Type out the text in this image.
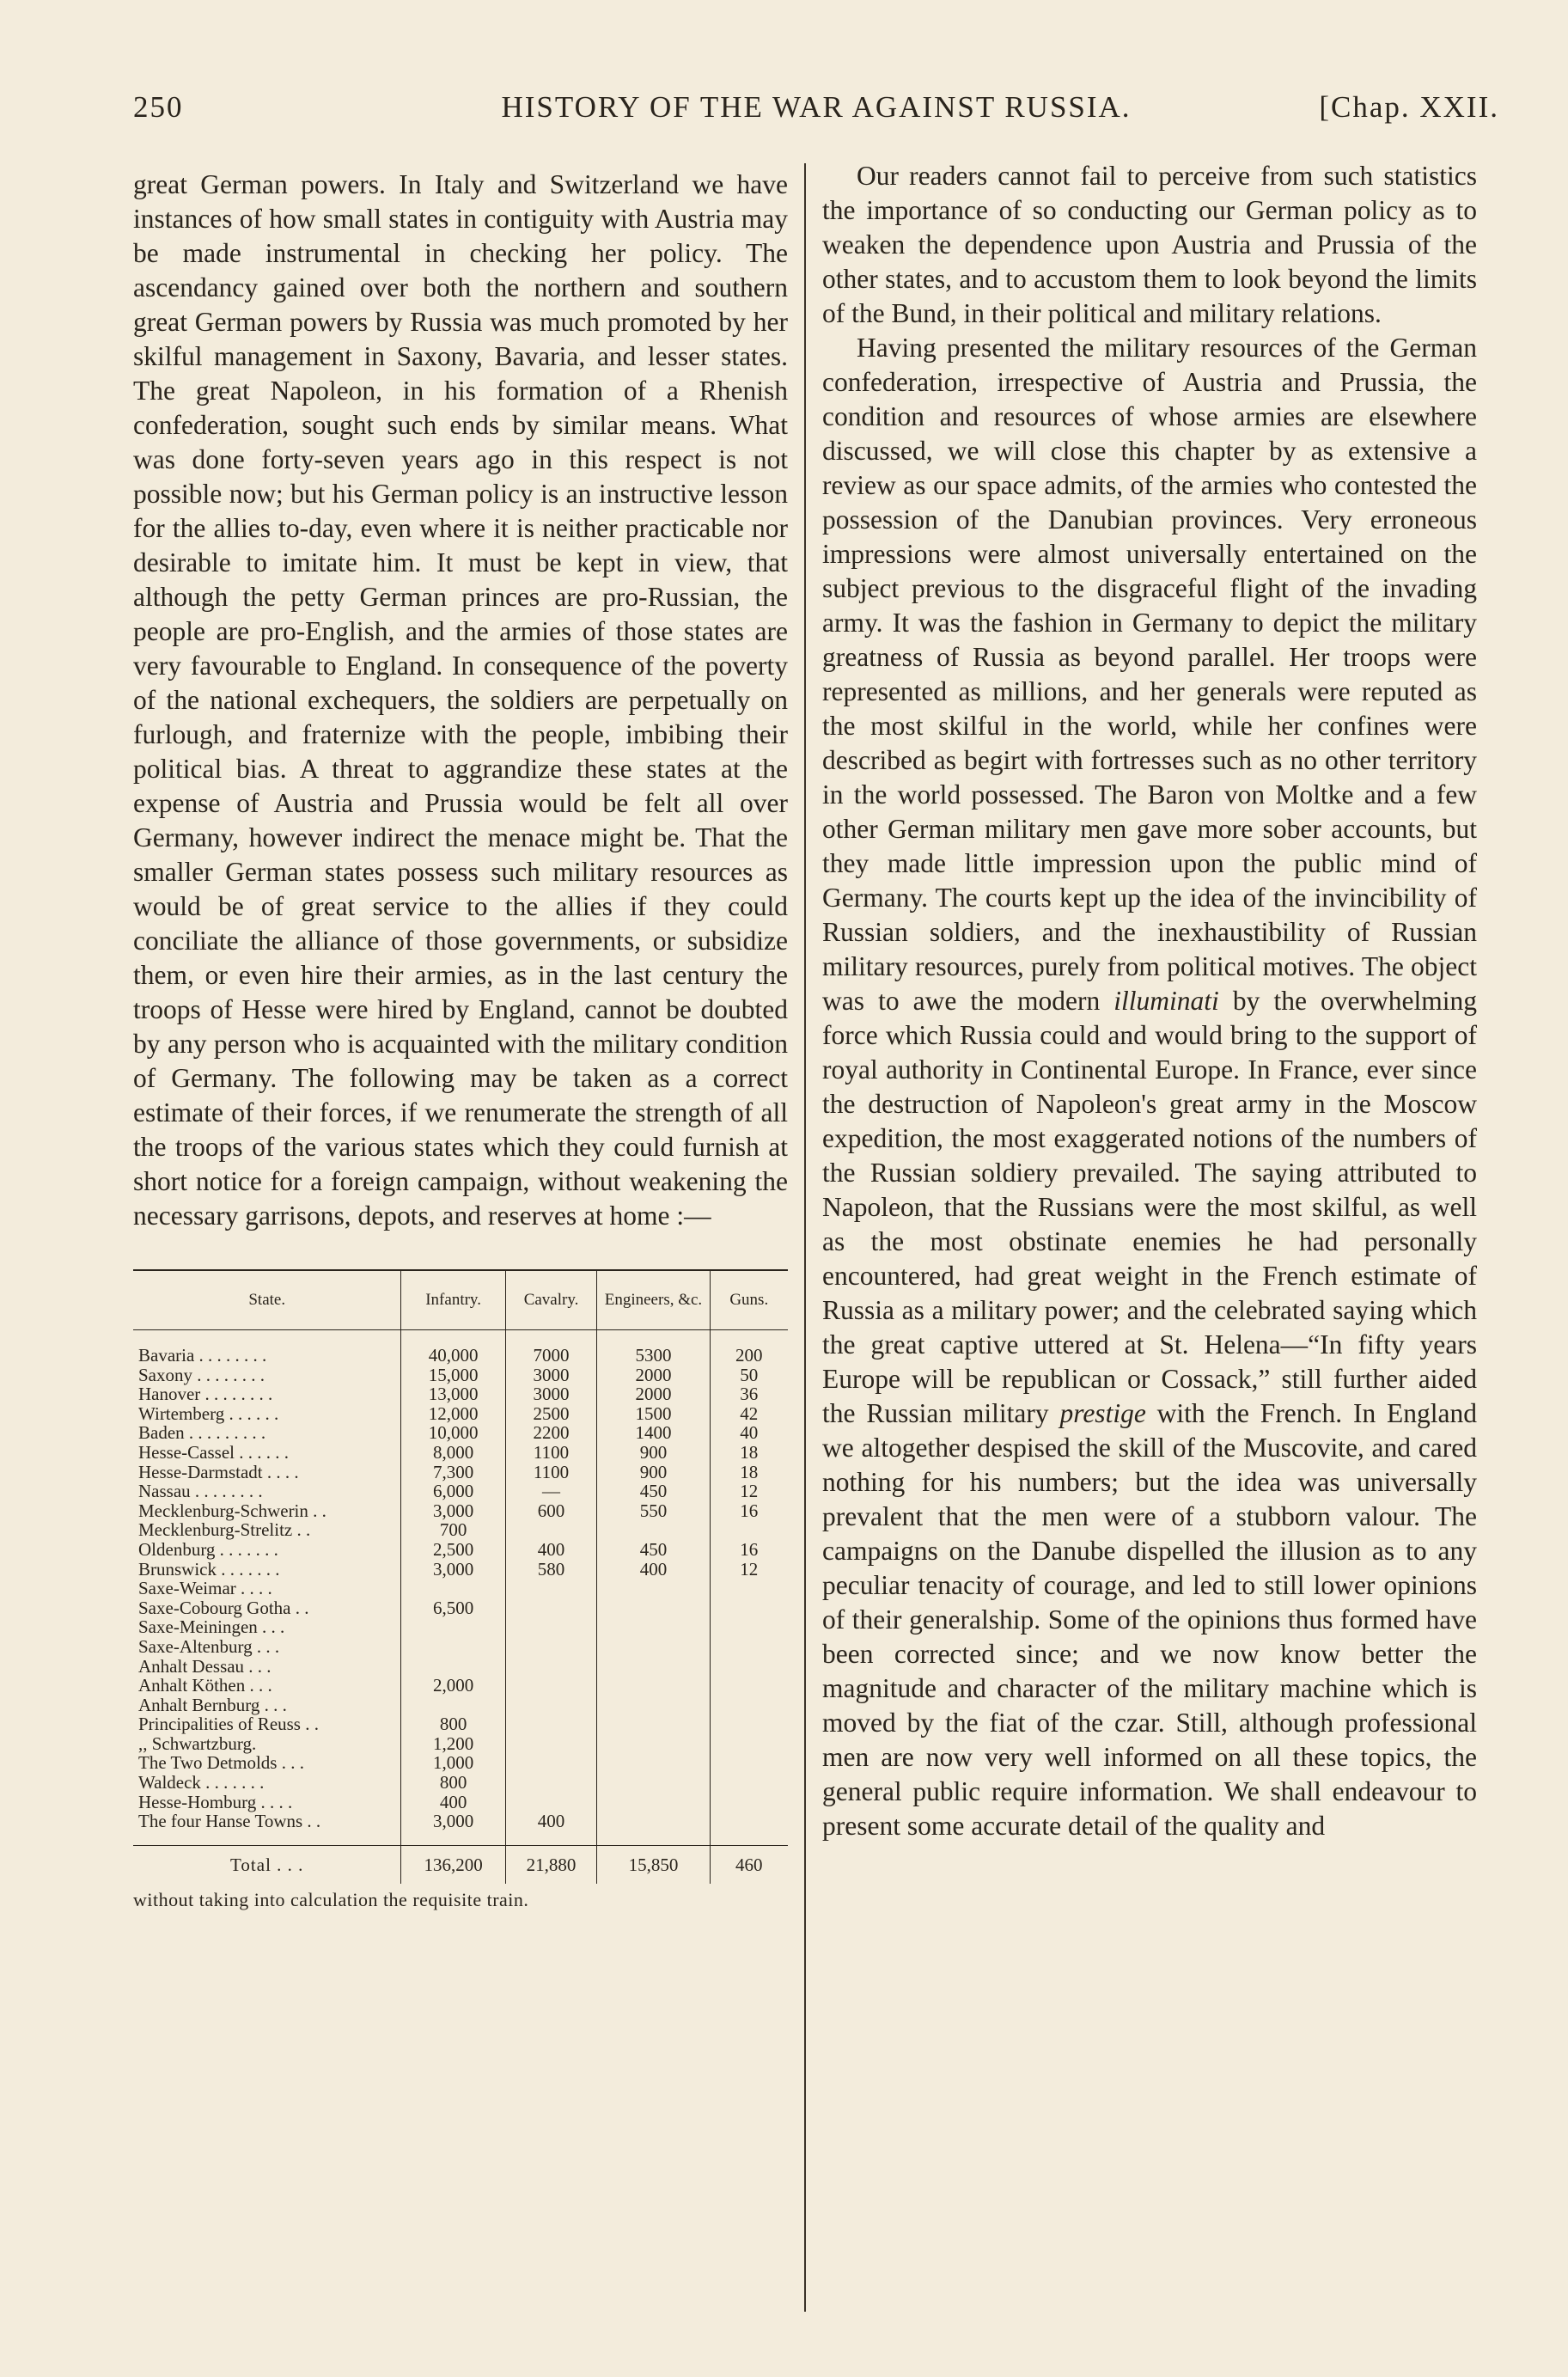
250	HISTORY OF THE WAR AGAINST RUSSIA.	[Chap. XXII.

great German powers. In Italy and Switzerland we have instances of how small states in contiguity with Austria may be made instrumental in checking her policy. The ascendancy gained over both the northern and southern great German powers by Russia was much promoted by her skilful management in Saxony, Bavaria, and lesser states. The great Napoleon, in his formation of a Rhenish confederation, sought such ends by similar means. What was done forty-seven years ago in this respect is not possible now; but his German policy is an instructive lesson for the allies to-day, even where it is neither practicable nor desirable to imitate him. It must be kept in view, that although the petty German princes are pro-Russian, the people are pro-English, and the armies of those states are very favourable to England. In consequence of the poverty of the national exchequers, the soldiers are perpetually on furlough, and fraternize with the people, imbibing their political bias. A threat to aggrandize these states at the expense of Austria and Prussia would be felt all over Germany, however indirect the menace might be. That the smaller German states possess such military resources as would be of great service to the allies if they could conciliate the alliance of those governments, or subsidize them, or even hire their armies, as in the last century the troops of Hesse were hired by England, cannot be doubted by any person who is acquainted with the military condition of Germany. The following may be taken as a correct estimate of their forces, if we renumerate the strength of all the troops of the various states which they could furnish at short notice for a foreign campaign, without weakening the necessary garrisons, depots, and reserves at home :—

State.	Infantry.	Cavalry.	Engineers, &c.	Guns.
Bavaria . . . . . . . .	40,000	7000	5300	200
Saxony . . . . . . . .	15,000	3000	2000	50
Hanover . . . . . . . .	13,000	3000	2000	36
Wirtemberg . . . . . .	12,000	2500	1500	42
Baden . . . . . . . . .	10,000	2200	1400	40
Hesse-Cassel . . . . . .	8,000	1100	900	18
Hesse-Darmstadt . . . .	7,300	1100	900	18
Nassau . . . . . . . .	6,000	—	450	12
Mecklenburg-Schwerin . .	3,000	600	550	16
Mecklenburg-Strelitz . .	700			
Oldenburg . . . . . . .	2,500	400	450	16
Brunswick . . . . . . .	3,000	580	400	12
Saxe-Weimar . . . .				
Saxe-Cobourg Gotha . .	6,500			
Saxe-Meiningen . . .				
Saxe-Altenburg . . .				
Anhalt Dessau . . .				
Anhalt Köthen . . .	2,000			
Anhalt Bernburg . . .				
Principalities of Reuss . .	800			
,, Schwartzburg.	1,200			
The Two Detmolds . . .	1,000			
Waldeck . . . . . . .	800			
Hesse-Homburg . . . .	400			
The four Hanse Towns . .	3,000	400		
Total . . .	136,200	21,880	15,850	460
without taking into calculation the requisite train.

Our readers cannot fail to perceive from such statistics the importance of so conducting our German policy as to weaken the dependence upon Austria and Prussia of the other states, and to accustom them to look beyond the limits of the Bund, in their political and military relations.

Having presented the military resources of the German confederation, irrespective of Austria and Prussia, the condition and resources of whose armies are elsewhere discussed, we will close this chapter by as extensive a review as our space admits, of the armies who contested the possession of the Danubian provinces. Very erroneous impressions were almost universally entertained on the subject previous to the disgraceful flight of the invading army. It was the fashion in Germany to depict the military greatness of Russia as beyond parallel. Her troops were represented as millions, and her generals were reputed as the most skilful in the world, while her confines were described as begirt with fortresses such as no other territory in the world possessed. The Baron von Moltke and a few other German military men gave more sober accounts, but they made little impression upon the public mind of Germany. The courts kept up the idea of the invincibility of Russian soldiers, and the inexhaustibility of Russian military resources, purely from political motives. The object was to awe the modern illuminati by the overwhelming force which Russia could and would bring to the support of royal authority in Continental Europe. In France, ever since the destruction of Napoleon's great army in the Moscow expedition, the most exaggerated notions of the numbers of the Russian soldiery prevailed. The saying attributed to Napoleon, that the Russians were the most skilful, as well as the most obstinate enemies he had personally encountered, had great weight in the French estimate of Russia as a military power; and the celebrated saying which the great captive uttered at St. Helena—“In fifty years Europe will be republican or Cossack,” still further aided the Russian military prestige with the French. In England we altogether despised the skill of the Muscovite, and cared nothing for his numbers; but the idea was universally prevalent that the men were of a stubborn valour. The campaigns on the Danube dispelled the illusion as to any peculiar tenacity of courage, and led to still lower opinions of their generalship. Some of the opinions thus formed have been corrected since; and we now know better the magnitude and character of the military machine which is moved by the fiat of the czar. Still, although professional men are now very well informed on all these topics, the general public require information. We shall endeavour to present some accurate detail of the quality and
